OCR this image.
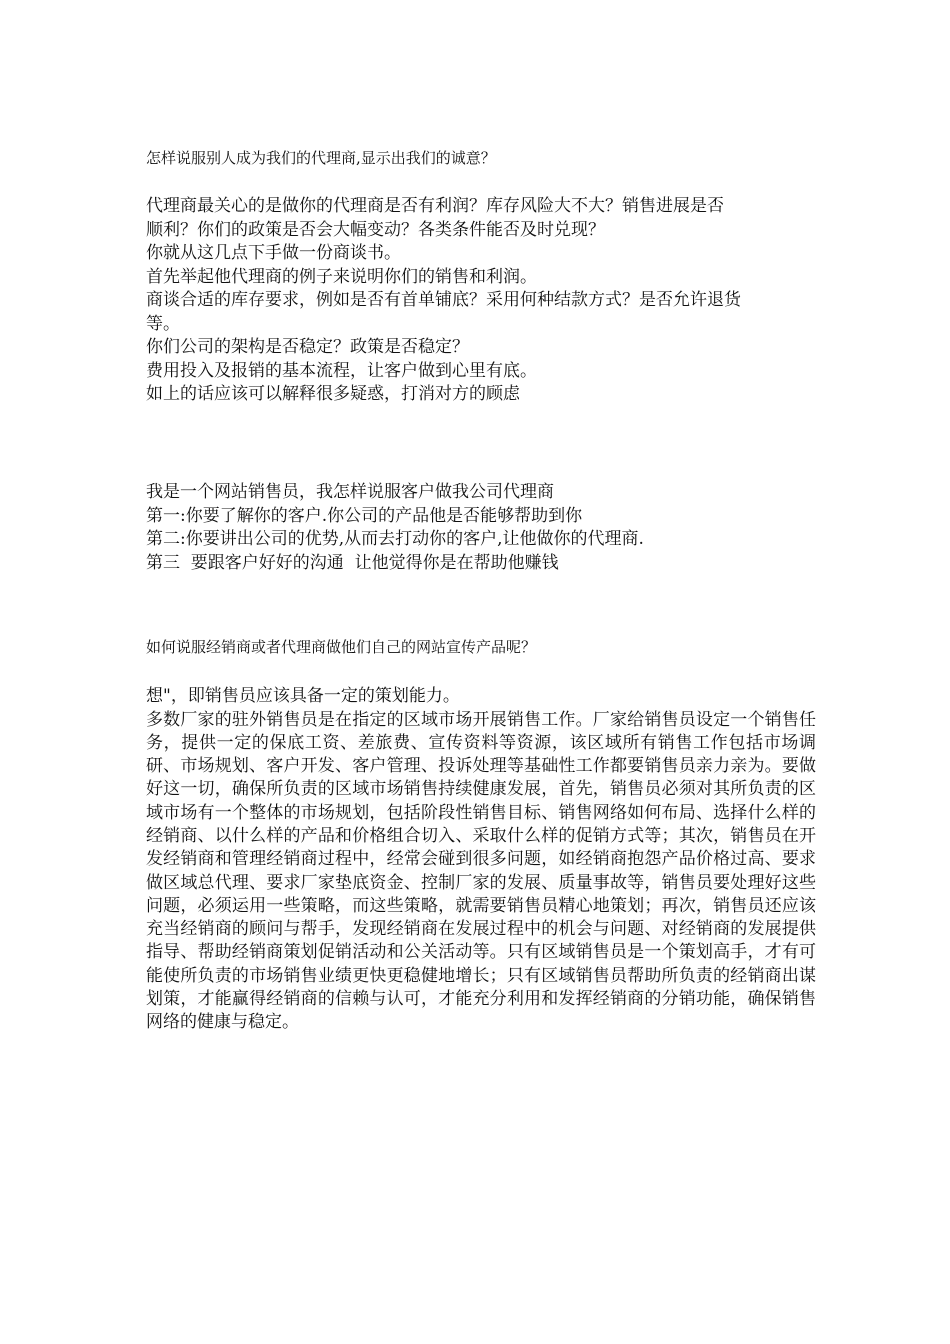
怎样说服别人成为我们的代理商,显示出我们的诚意？

代理商最关心的是做你的代理商是否有利润？库存风险大不大？销售进展是否

顺利？你们的政策是否会大幅变动？各类条件能否及时兑现？

你就从这几点下手做一份商谈书。

首先举起他代理商的例子来说明你们的销售和利润。

商谈合适的库存要求，例如是否有首单铺底？采用何种结款方式？是否允许退货

等。

你们公司的架构是否稳定？政策是否稳定？

费用投入及报销的基本流程，让客户做到心里有底。

如上的话应该可以解释很多疑惑，打消对方的顾虑

我是一个网站销售员，我怎样说服客户做我公司代理商

第一:你要了解你的客户.你公司的产品他是否能够帮助到你

第二:你要讲出公司的优势,从而去打动你的客户,让他做你的代理商.

第三  要跟客户好好的沟通  让他觉得你是在帮助他赚钱

如何说服经销商或者代理商做他们自己的网站宣传产品呢？

想"，即销售员应该具备一定的策划能力。

多数厂家的驻外销售员是在指定的区域市场开展销售工作。厂家给销售员设定一个销售任务，提供一定的保底工资、差旅费、宣传资料等资源，该区域所有销售工作包括市场调研、市场规划、客户开发、客户管理、投诉处理等基础性工作都要销售员亲力亲为。要做好这一切，确保所负责的区域市场销售持续健康发展，首先，销售员必须对其所负责的区域市场有一个整体的市场规划，包括阶段性销售目标、销售网络如何布局、选择什么样的经销商、以什么样的产品和价格组合切入、采取什么样的促销方式等；其次，销售员在开发经销商和管理经销商过程中，经常会碰到很多问题，如经销商抱怨产品价格过高、要求做区域总代理、要求厂家垫底资金、控制厂家的发展、质量事故等，销售员要处理好这些问题，必须运用一些策略，而这些策略，就需要销售员精心地策划；再次，销售员还应该充当经销商的顾问与帮手，发现经销商在发展过程中的机会与问题、对经销商的发展提供指导、帮助经销商策划促销活动和公关活动等。只有区域销售员是一个策划高手，才有可能使所负责的市场销售业绩更快更稳健地增长；只有区域销售员帮助所负责的经销商出谋划策，才能赢得经销商的信赖与认可，才能充分利用和发挥经销商的分销功能，确保销售网络的健康与稳定。
